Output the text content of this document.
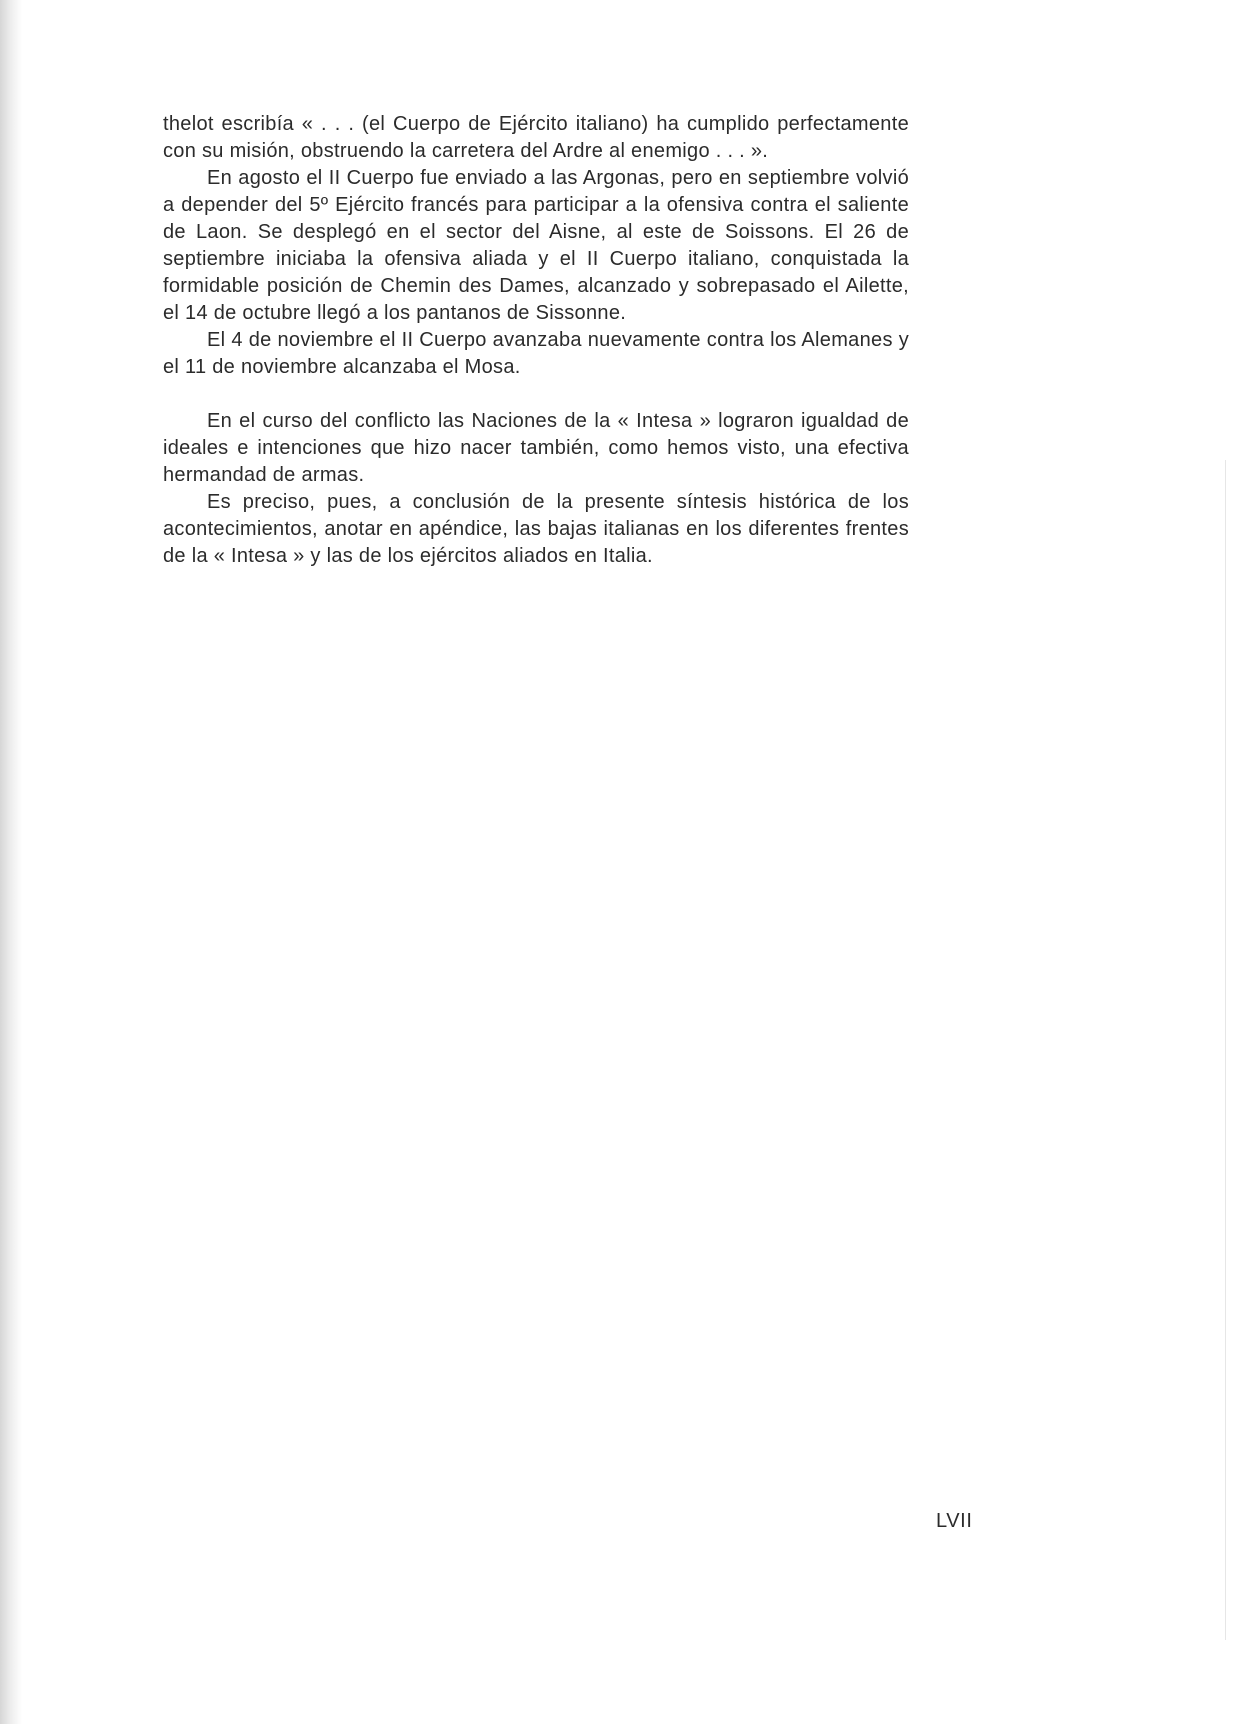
thelot escribía « . . . (el Cuerpo de Ejército italiano) ha cumplido perfectamente con su misión, obstruendo la carretera del Ardre al enemigo . . . ».

En agosto el II Cuerpo fue enviado a las Argonas, pero en septiembre volvió a depender del 5º Ejército francés para participar a la ofensiva contra el saliente de Laon. Se desplegó en el sector del Aisne, al este de Soissons. El 26 de septiembre iniciaba la ofensiva aliada y el II Cuerpo italiano, conquistada la formidable posición de Chemin des Dames, alcanzado y sobrepasado el Ailette, el 14 de octubre llegó a los pantanos de Sissonne.

El 4 de noviembre el II Cuerpo avanzaba nuevamente contra los Alemanes y el 11 de noviembre alcanzaba el Mosa.

En el curso del conflicto las Naciones de la « Intesa » lograron igualdad de ideales e intenciones que hizo nacer también, como hemos visto, una efectiva hermandad de armas.

Es preciso, pues, a conclusión de la presente síntesis histórica de los acontecimientos, anotar en apéndice, las bajas italianas en los diferentes frentes de la « Intesa » y las de los ejércitos aliados en Italia.

LVII
